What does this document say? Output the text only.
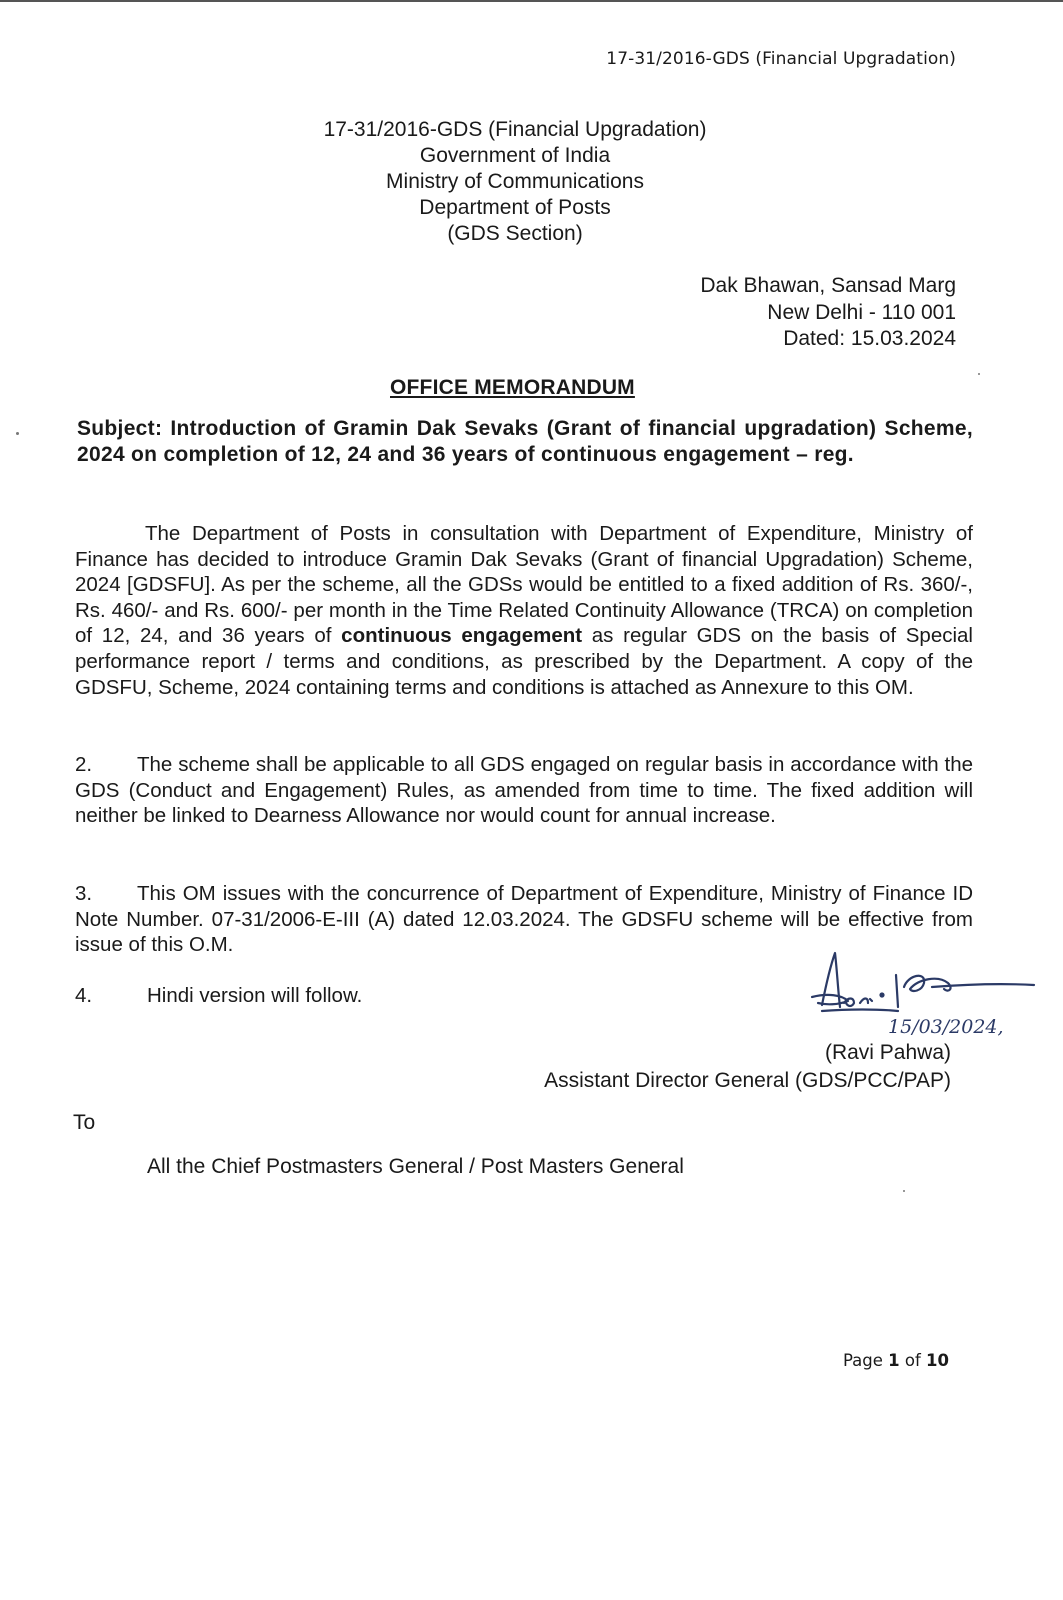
17-31/2016-GDS (Financial Upgradation)
17-31/2016-GDS (Financial Upgradation)
Government of India
Ministry of Communications
Department of Posts
(GDS Section)
Dak Bhawan, Sansad Marg
New Delhi - 110 001
Dated: 15.03.2024
OFFICE MEMORANDUM
Subject: Introduction of Gramin Dak Sevaks (Grant of financial upgradation) Scheme, 2024 on completion of 12, 24 and 36 years of continuous engagement – reg.
The Department of Posts in consultation with Department of Expenditure, Ministry of Finance has decided to introduce Gramin Dak Sevaks (Grant of financial Upgradation) Scheme, 2024 [GDSFU]. As per the scheme, all the GDSs would be entitled to a fixed addition of Rs. 360/-, Rs. 460/- and Rs. 600/- per month in the Time Related Continuity Allowance (TRCA) on completion of 12, 24, and 36 years of continuous engagement as regular GDS on the basis of Special performance report / terms and conditions, as prescribed by the Department. A copy of the GDSFU, Scheme, 2024 containing terms and conditions is attached as Annexure to this OM.
2. The scheme shall be applicable to all GDS engaged on regular basis in accordance with the GDS (Conduct and Engagement) Rules, as amended from time to time. The fixed addition will neither be linked to Dearness Allowance nor would count for annual increase.
3. This OM issues with the concurrence of Department of Expenditure, Ministry of Finance ID Note Number. 07-31/2006-E-III (A) dated 12.03.2024. The GDSFU scheme will be effective from issue of this O.M.
4.	Hindi version will follow.
15/03/2024,
(Ravi Pahwa)
Assistant Director General (GDS/PCC/PAP)
To
All the Chief Postmasters General / Post Masters General
Page 1 of 10
